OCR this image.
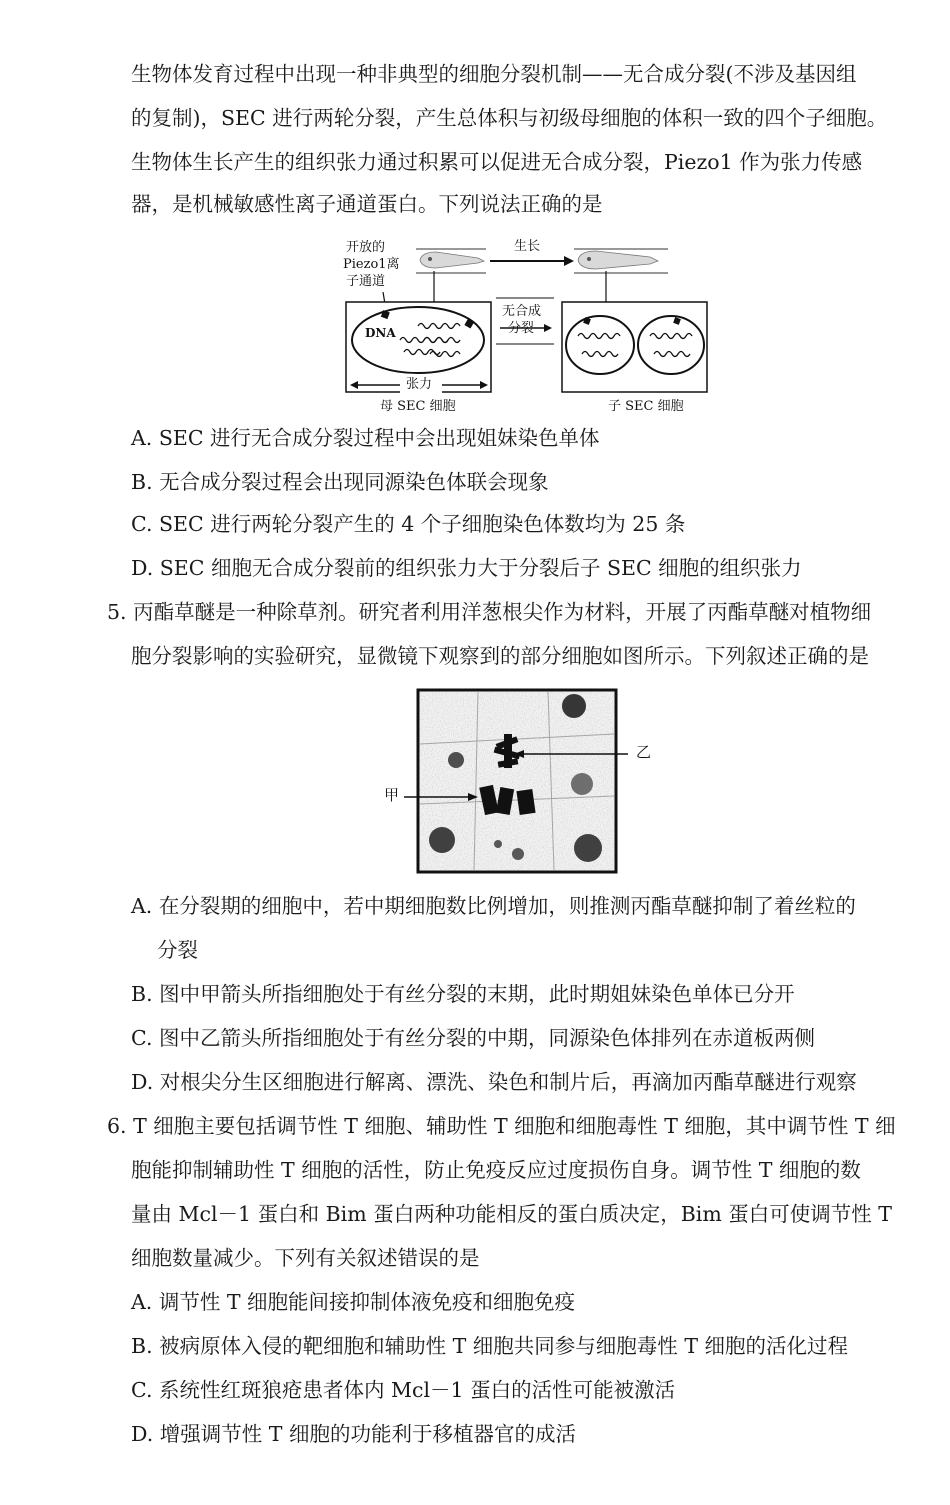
生物体发育过程中出现一种非典型的细胞分裂机制——无合成分裂(不涉及基因组
的复制)，SEC 进行两轮分裂，产生总体积与初级母细胞的体积一致的四个子细胞。
生物体生长产生的组织张力通过积累可以促进无合成分裂，Piezo1 作为张力传感
器，是机械敏感性离子通道蛋白。下列说法正确的是
开放的
Piezo1离
子通道
生长
无合成
分裂
DNA
张力
母 SEC 细胞	子 SEC 细胞
A. SEC 进行无合成分裂过程中会出现姐妹染色单体
B. 无合成分裂过程会出现同源染色体联会现象
C. SEC 进行两轮分裂产生的 4 个子细胞染色体数均为 25 条
D. SEC 细胞无合成分裂前的组织张力大于分裂后子 SEC 细胞的组织张力
5. 丙酯草醚是一种除草剂。研究者利用洋葱根尖作为材料，开展了丙酯草醚对植物细
胞分裂影响的实验研究，显微镜下观察到的部分细胞如图所示。下列叙述正确的是
甲
乙
A. 在分裂期的细胞中，若中期细胞数比例增加，则推测丙酯草醚抑制了着丝粒的
分裂
B. 图中甲箭头所指细胞处于有丝分裂的末期，此时期姐妹染色单体已分开
C. 图中乙箭头所指细胞处于有丝分裂的中期，同源染色体排列在赤道板两侧
D. 对根尖分生区细胞进行解离、漂洗、染色和制片后，再滴加丙酯草醚进行观察
6. T 细胞主要包括调节性 T 细胞、辅助性 T 细胞和细胞毒性 T 细胞，其中调节性 T 细
胞能抑制辅助性 T 细胞的活性，防止免疫反应过度损伤自身。调节性 T 细胞的数
量由 Mcl－1 蛋白和 Bim 蛋白两种功能相反的蛋白质决定，Bim 蛋白可使调节性 T
细胞数量减少。下列有关叙述错误的是
A. 调节性 T 细胞能间接抑制体液免疫和细胞免疫
B. 被病原体入侵的靶细胞和辅助性 T 细胞共同参与细胞毒性 T 细胞的活化过程
C. 系统性红斑狼疮患者体内 Mcl－1 蛋白的活性可能被激活
D. 增强调节性 T 细胞的功能利于移植器官的成活
